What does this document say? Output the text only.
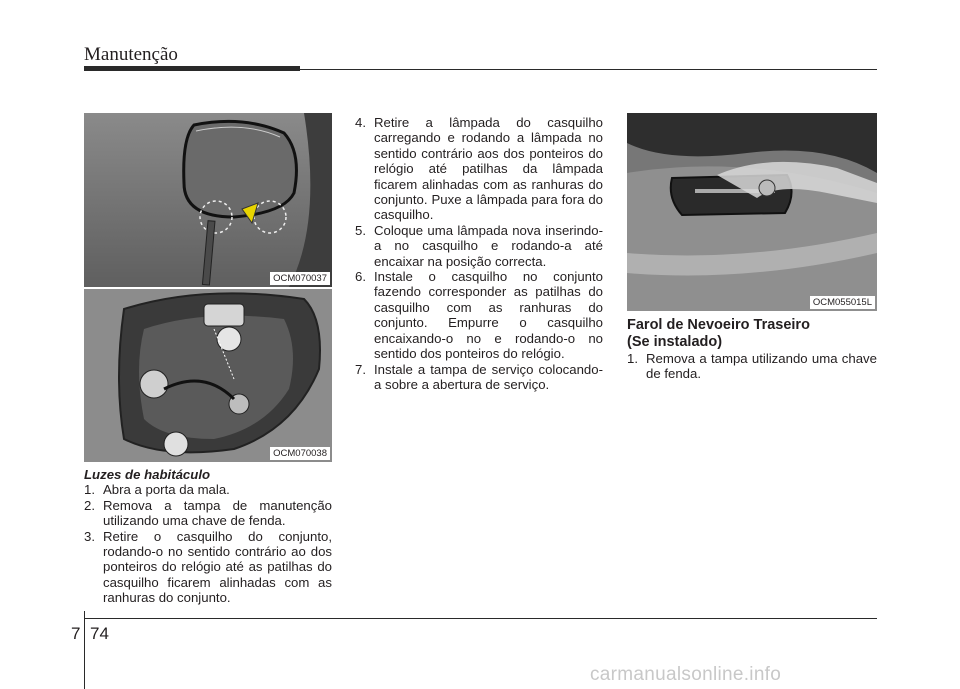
Manutenção
OCM070037
OCM070038
OCM055015L

Luzes de habitáculo

1. Abra a porta da mala.
2. Remova a tampa de manutenção utilizando uma chave de fenda.
3. Retire o casquilho do conjunto, rodando-o no sentido contrário ao dos ponteiros do relógio até as patilhas do casquilho ficarem alinhadas com as ranhuras do conjunto.
4. Retire a lâmpada do casquilho carregando e rodando a lâmpada no sentido contrário aos dos ponteiros do relógio até patilhas da lâmpada ficarem alinhadas com as ranhuras do conjunto. Puxe a lâmpada para fora do casquilho.
5. Coloque uma lâmpada nova inserindo-a no casquilho e rodando-a até encaixar na posição correcta.
6. Instale o casquilho no conjunto fazendo corresponder as patilhas do casquilho com as ranhuras do conjunto. Empurre o casquilho encaixando-o no e rodando-o no sentido dos ponteiros do relógio.
7. Instale a tampa de serviço colocando-a sobre a abertura de serviço.

Farol de Nevoeiro Traseiro
(Se instalado)

1. Remova a tampa utilizando uma chave de fenda.
7 74
carmanualsonline.info
